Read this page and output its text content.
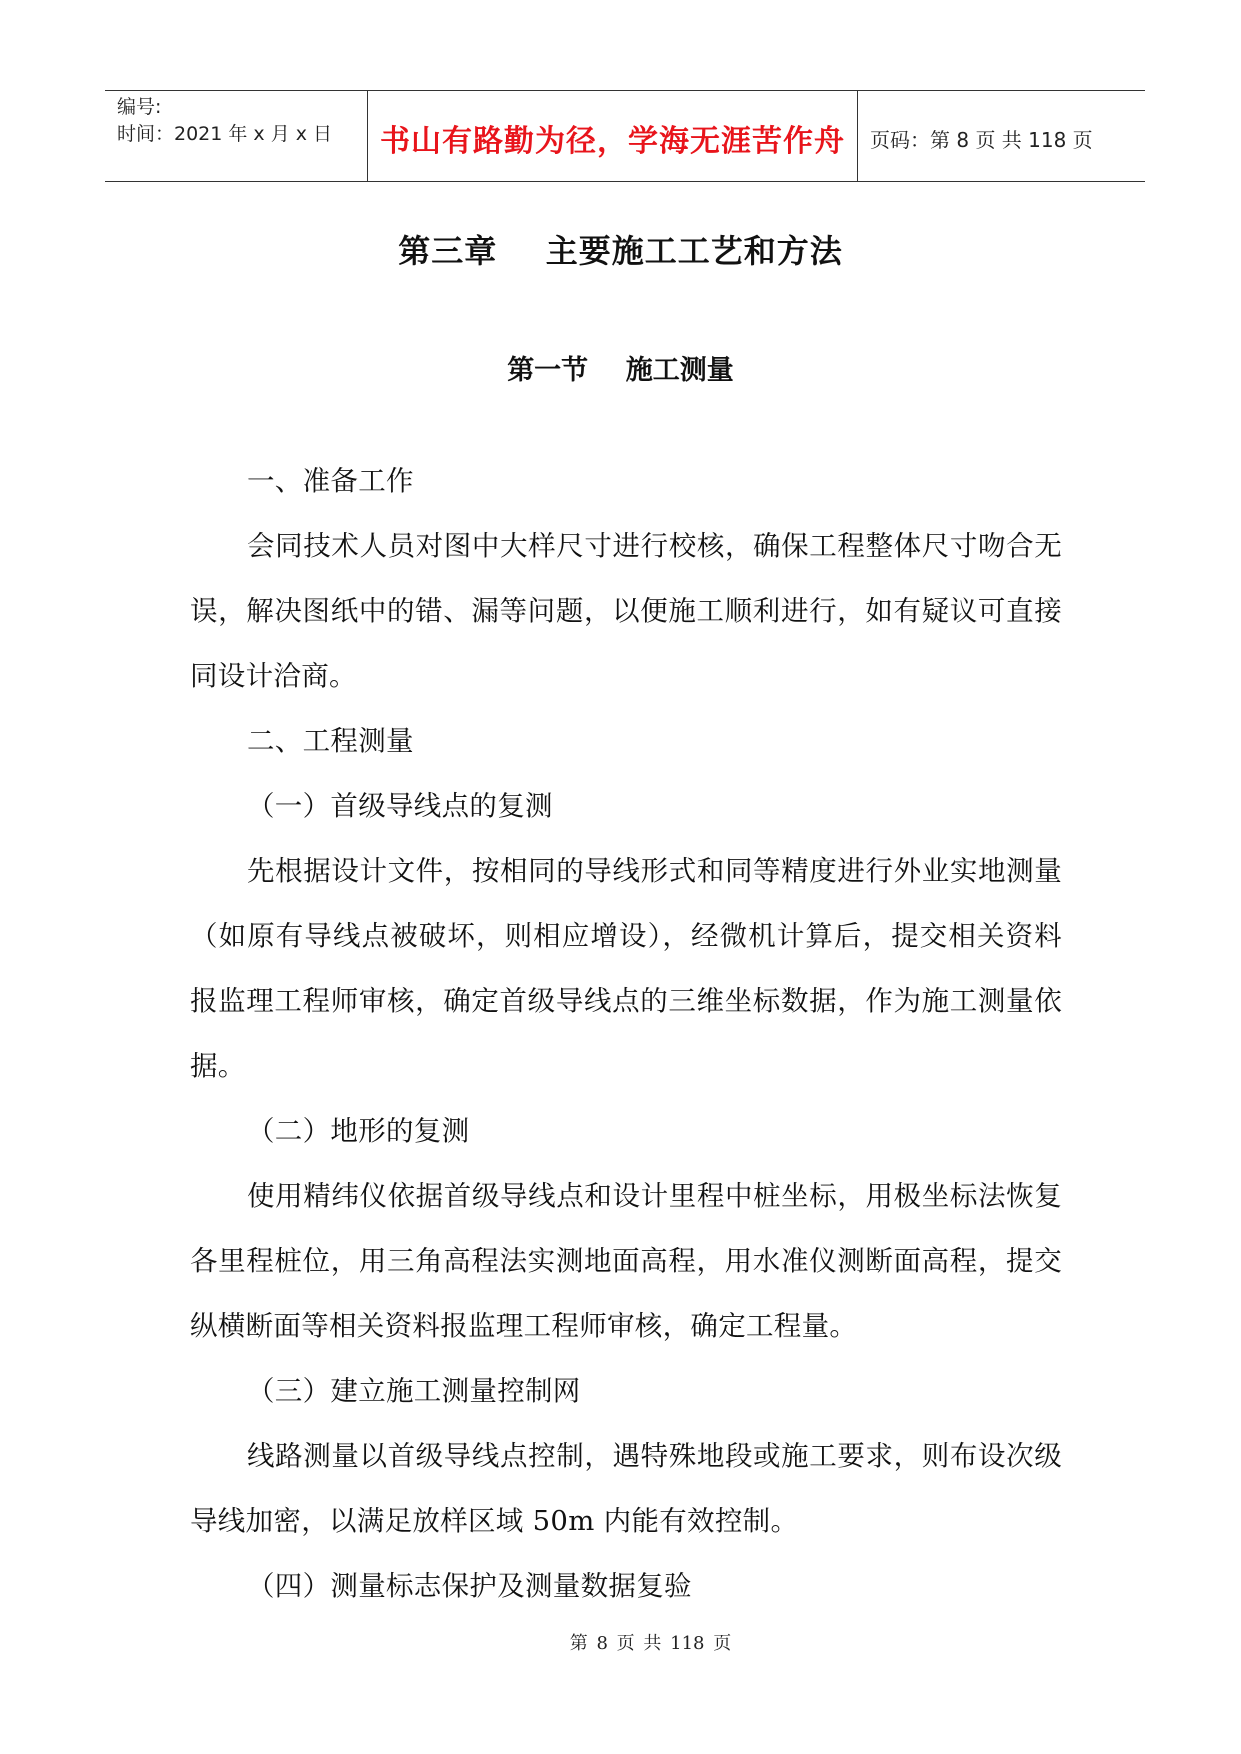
编号:
时间：2021 年 x 月 x 日	书山有路勤为径，学海无涯苦作舟	页码：第 8 页 共 118 页
第三章    主要施工工艺和方法
第一节    施工测量

一、准备工作

会同技术人员对图中大样尺寸进行校核，确保工程整体尺寸吻合无误，解决图纸中的错、漏等问题，以便施工顺利进行，如有疑议可直接同设计洽商。

二、工程测量

（一）首级导线点的复测

先根据设计文件，按相同的导线形式和同等精度进行外业实地测量（如原有导线点被破坏，则相应增设），经微机计算后，提交相关资料报监理工程师审核，确定首级导线点的三维坐标数据，作为施工测量依据。

（二）地形的复测

使用精纬仪依据首级导线点和设计里程中桩坐标，用极坐标法恢复各里程桩位，用三角高程法实测地面高程，用水准仪测断面高程，提交纵横断面等相关资料报监理工程师审核，确定工程量。

（三）建立施工测量控制网

线路测量以首级导线点控制，遇特殊地段或施工要求，则布设次级导线加密，以满足放样区域 50m 内能有效控制。

（四）测量标志保护及测量数据复验

第 8 页 共 118 页
